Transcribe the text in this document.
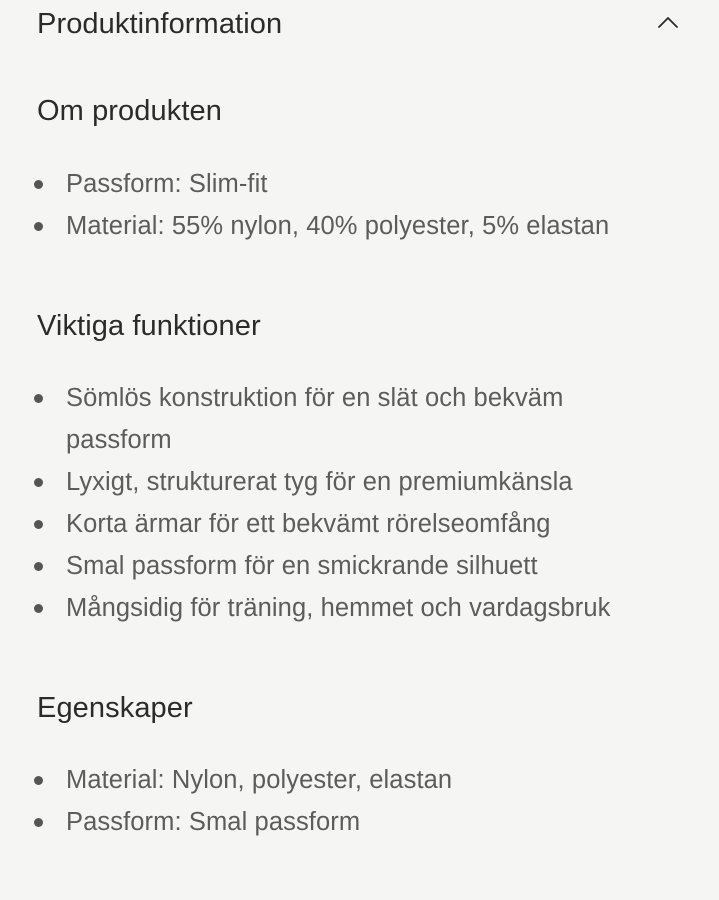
Produktinformation
Om produkten
Passform: Slim-fit
Material: 55% nylon, 40% polyester, 5% elastan
Viktiga funktioner
Sömlös konstruktion för en slät och bekväm passform
Lyxigt, strukturerat tyg för en premiumkänsla
Korta ärmar för ett bekvämt rörelseomfång
Smal passform för en smickrande silhuett
Mångsidig för träning, hemmet och vardagsbruk
Egenskaper
Material: Nylon, polyester, elastan
Passform: Smal passform
